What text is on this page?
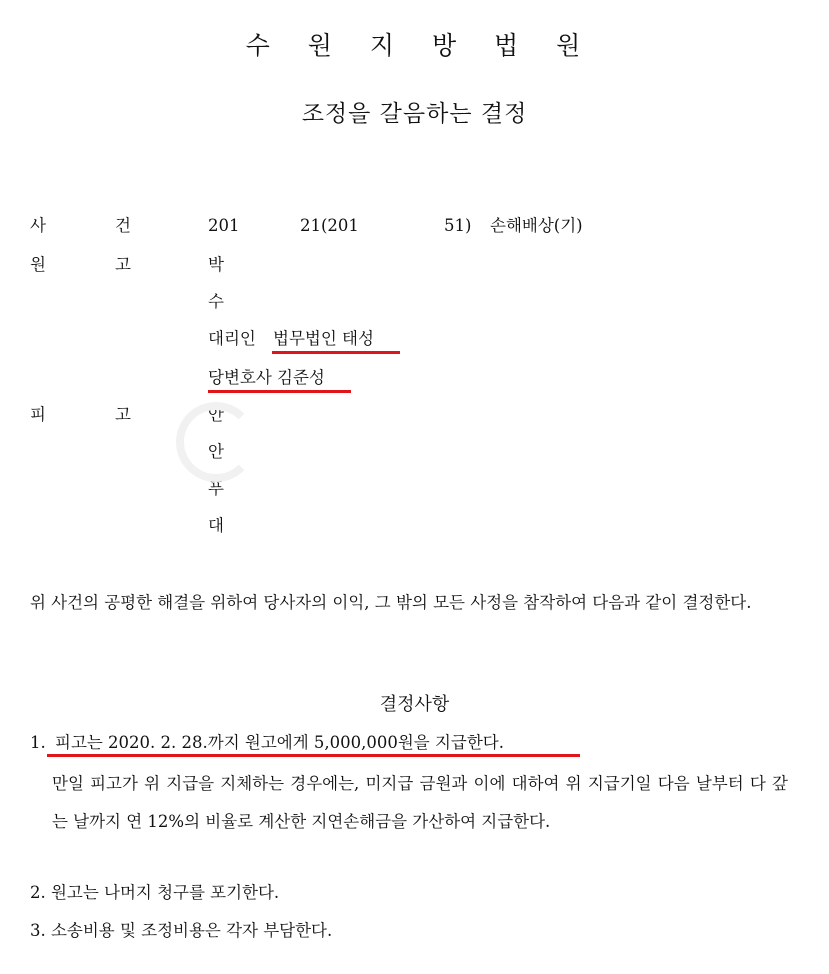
수 원 지 방 법 원
조정을 갈음하는 결정
사	건	201	21(201	51) 손해배상(기)
원	고	박
수
대리인 법무법인 태성
당변호사 김준성
피	고	안
안
푸
대
위 사건의 공평한 해결을 위하여 당사자의 이익, 그 밖의 모든 사정을 참작하여 다음과 같이 결정한다.
결정사항
1. 피고는 2020. 2. 28.까지 원고에게 5,000,000원을 지급한다.
만일 피고가 위 지급을 지체하는 경우에는, 미지급 금원과 이에 대하여 위 지급기일 다음 날부터 다 갚는 날까지 연 12%의 비율로 계산한 지연손해금을 가산하여 지급한다.
2. 원고는 나머지 청구를 포기한다.
3. 소송비용 및 조정비용은 각자 부담한다.
